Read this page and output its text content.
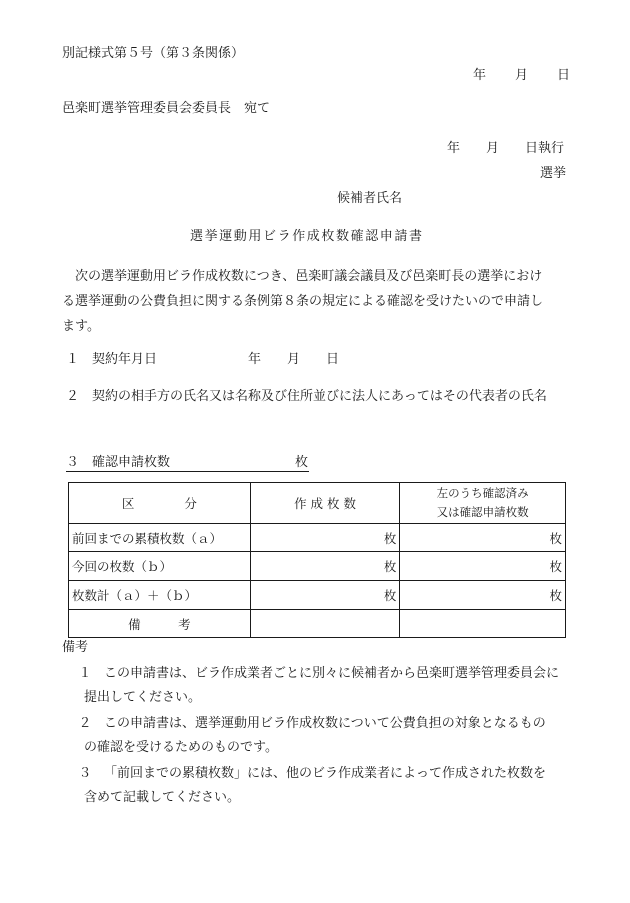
別記様式第５号（第３条関係）
年　　月　　日
邑楽町選挙管理委員会委員長　宛て
年　　月　　日執行
選挙
候補者氏名
選挙運動用ビラ作成枚数確認申請書
次の選挙運動用ビラ作成枚数につき、邑楽町議会議員及び邑楽町長の選挙におけ
る選挙運動の公費負担に関する条例第８条の規定による確認を受けたいので申請し
ます。
１　契約年月日	年　　月　　日
２　契約の相手方の氏名又は名称及び住所並びに法人にあってはその代表者の氏名
３　確認申請枚数	枚
区　　　　分	作 成 枚 数	左のうち確認済み
又は確認申請枚数

前回までの累積枚数（ａ）	枚	枚
今回の枚数（ｂ）	枚	枚
枚数計（ａ）＋（ｂ）	枚	枚
備　　　考		
備考
１ この申請書は、ビラ作成業者ごとに別々に候補者から邑楽町選挙管理委員会に
提出してください。
２ この申請書は、選挙運動用ビラ作成枚数について公費負担の対象となるもの
の確認を受けるためのものです。
３ 「前回までの累積枚数」には、他のビラ作成業者によって作成された枚数を
含めて記載してください。
